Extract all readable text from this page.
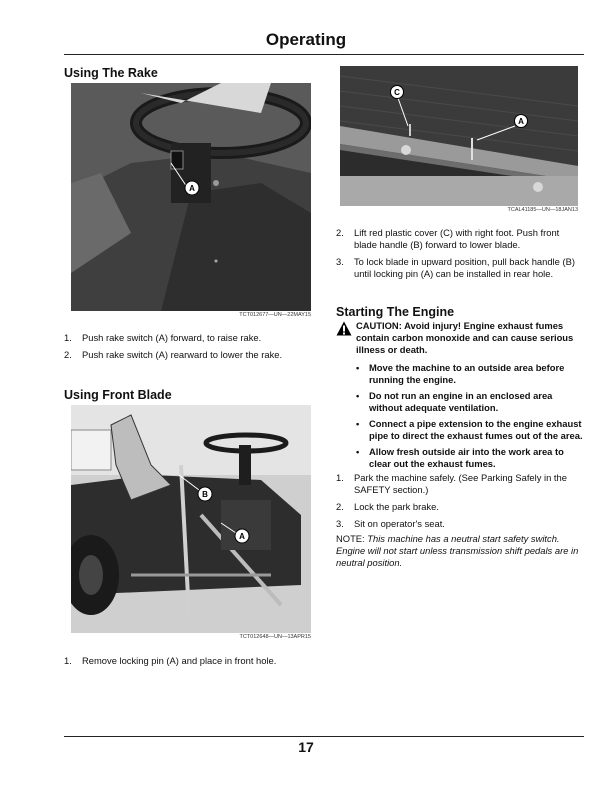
Operating
Using The Rake
A
TCT012677—UN—22MAY15
1. Push rake switch (A) forward, to raise rake.
2. Push rake switch (A) rearward to lower the rake.
Using Front Blade
B
A
TCT012648—UN—13APR15
1. Remove locking pin (A) and place in front hole.
C
A
TCAL41185—UN—18JAN13
2. Lift red plastic cover (C) with right foot. Push front blade handle (B) forward to lower blade.
3. To lock blade in upward position, pull back handle (B) until locking pin (A) can be installed in rear hole.
Starting The Engine
CAUTION: Avoid injury! Engine exhaust fumes contain carbon monoxide and can cause serious illness or death.
• Move the machine to an outside area before running the engine.
• Do not run an engine in an enclosed area without adequate ventilation.
• Connect a pipe extension to the engine exhaust pipe to direct the exhaust fumes out of the area.
• Allow fresh outside air into the work area to clear out the exhaust fumes.
1. Park the machine safely. (See Parking Safely in the SAFETY section.)
2. Lock the park brake.
3. Sit on operator's seat.
NOTE: This machine has a neutral start safety switch. Engine will not start unless transmission shift pedals are in neutral position.
17
